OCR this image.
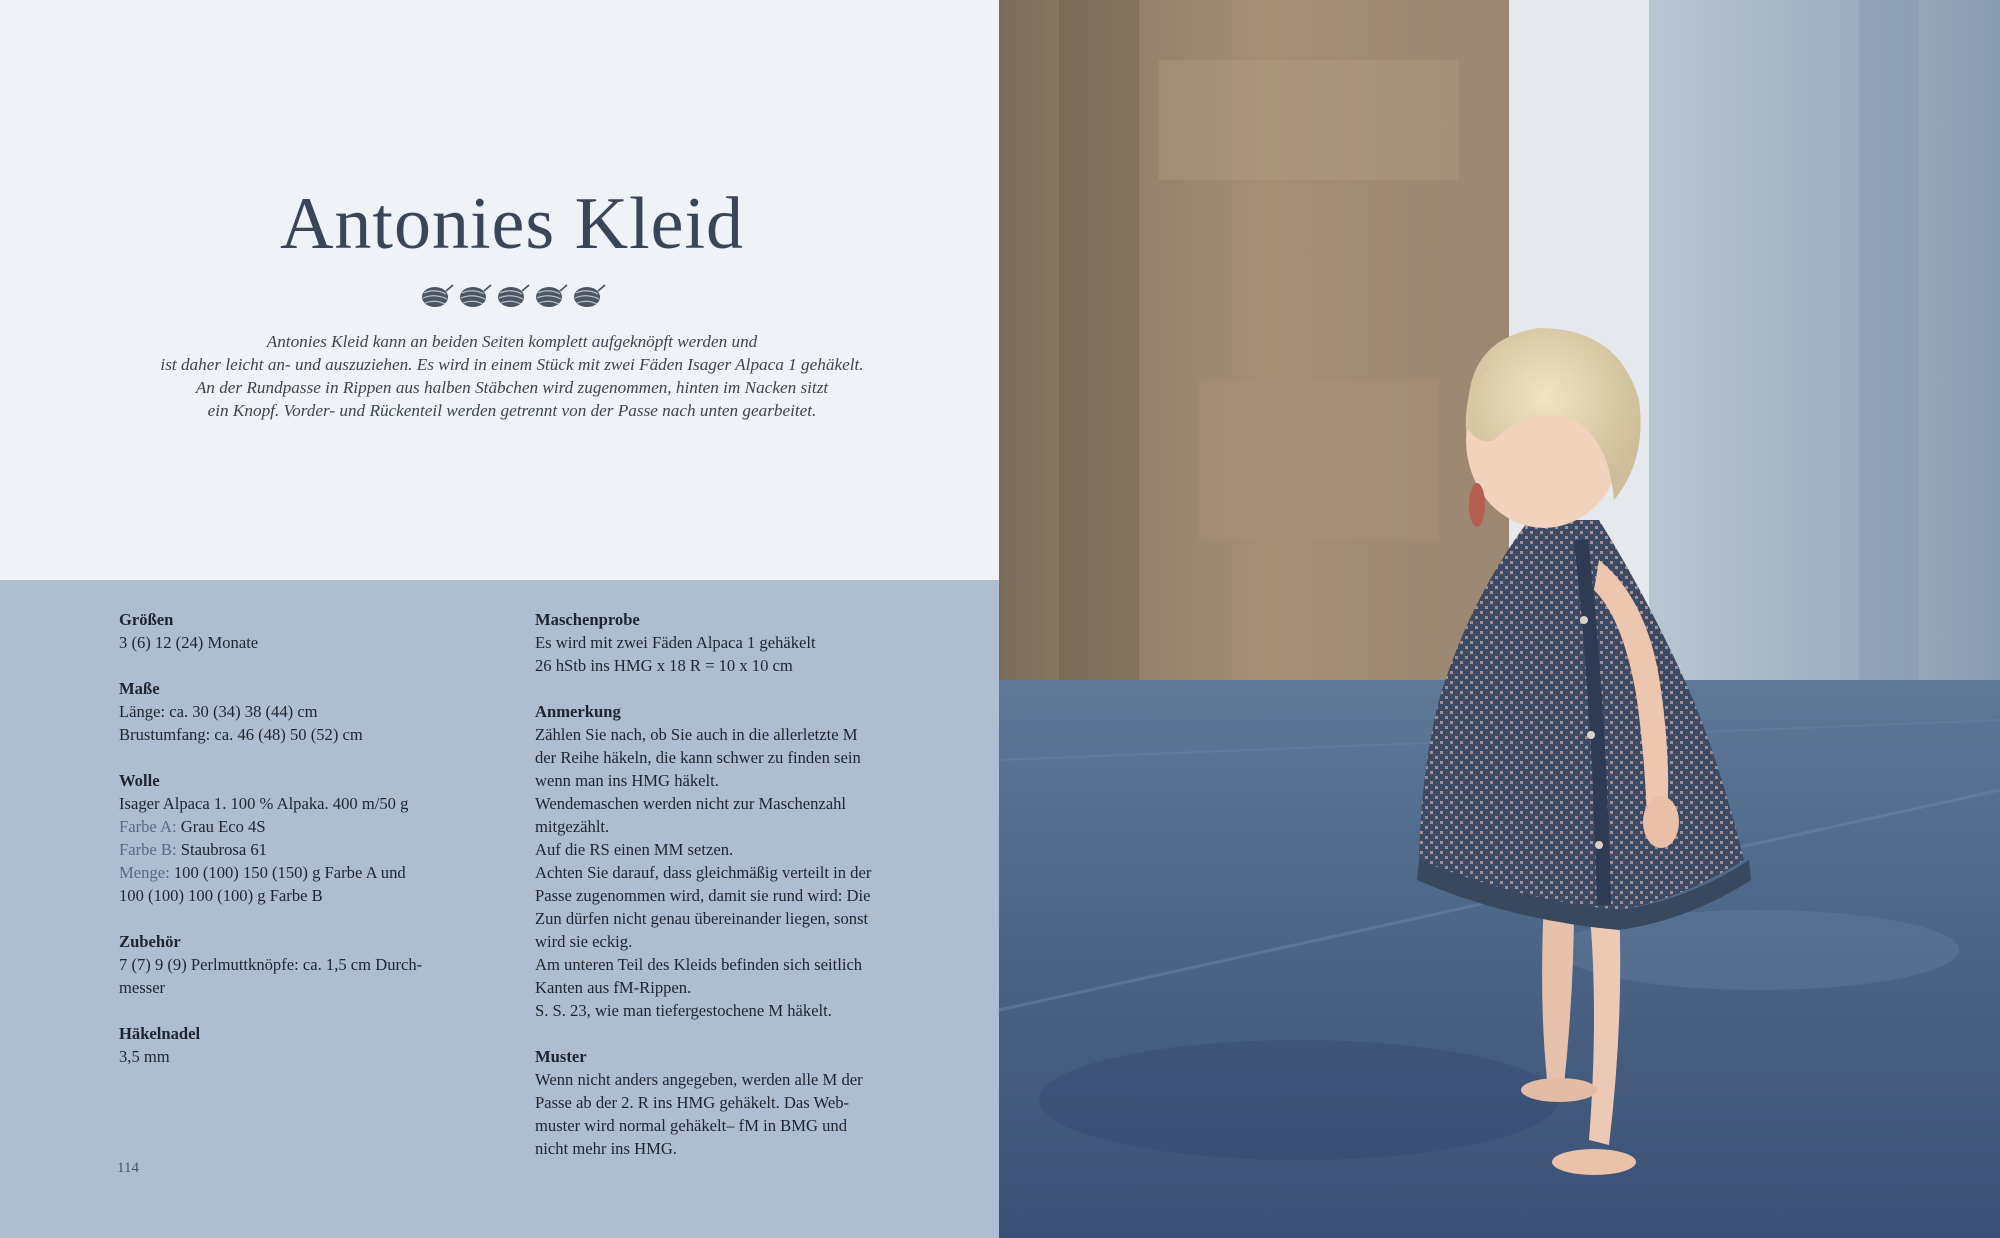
Antonies Kleid

Antonies Kleid kann an beiden Seiten komplett aufgeknöpft werden und
ist daher leicht an- und auszuziehen. Es wird in einem Stück mit zwei Fäden Isager Alpaca 1 gehäkelt.
An der Rundpasse in Rippen aus halben Stäbchen wird zugenommen, hinten im Nacken sitzt
ein Knopf. Vorder- und Rückenteil werden getrennt von der Passe nach unten gearbeitet.

Größen
3 (6) 12 (24) Monate
Maße
Länge: ca. 30 (34) 38 (44) cm
Brustumfang: ca. 46 (48) 50 (52) cm
Wolle
Isager Alpaca 1. 100 % Alpaka. 400 m/50 g
Farbe A: Grau Eco 4S
Farbe B: Staubrosa 61
Menge: 100 (100) 150 (150) g Farbe A und
100 (100) 100 (100) g Farbe B
Zubehör
7 (7) 9 (9) Perlmuttknöpfe: ca. 1,5 cm Durch-
messer
Häkelnadel
3,5 mm
Maschenprobe
Es wird mit zwei Fäden Alpaca 1 gehäkelt
26 hStb ins HMG x 18 R = 10 x 10 cm
Anmerkung
Zählen Sie nach, ob Sie auch in die allerletzte M
der Reihe häkeln, die kann schwer zu finden sein
wenn man ins HMG häkelt.
Wendemaschen werden nicht zur Maschenzahl
mitgezählt.
Auf die RS einen MM setzen.
Achten Sie darauf, dass gleichmäßig verteilt in der
Passe zugenommen wird, damit sie rund wird: Die
Zun dürfen nicht genau übereinander liegen, sonst
wird sie eckig.
Am unteren Teil des Kleids befinden sich seitlich
Kanten aus fM-Rippen.
S. S. 23, wie man tiefergestochene M häkelt.
Muster
Wenn nicht anders angegeben, werden alle M der
Passe ab der 2. R ins HMG gehäkelt. Das Web-
muster wird normal gehäkelt– fM in BMG und
nicht mehr ins HMG.
114
